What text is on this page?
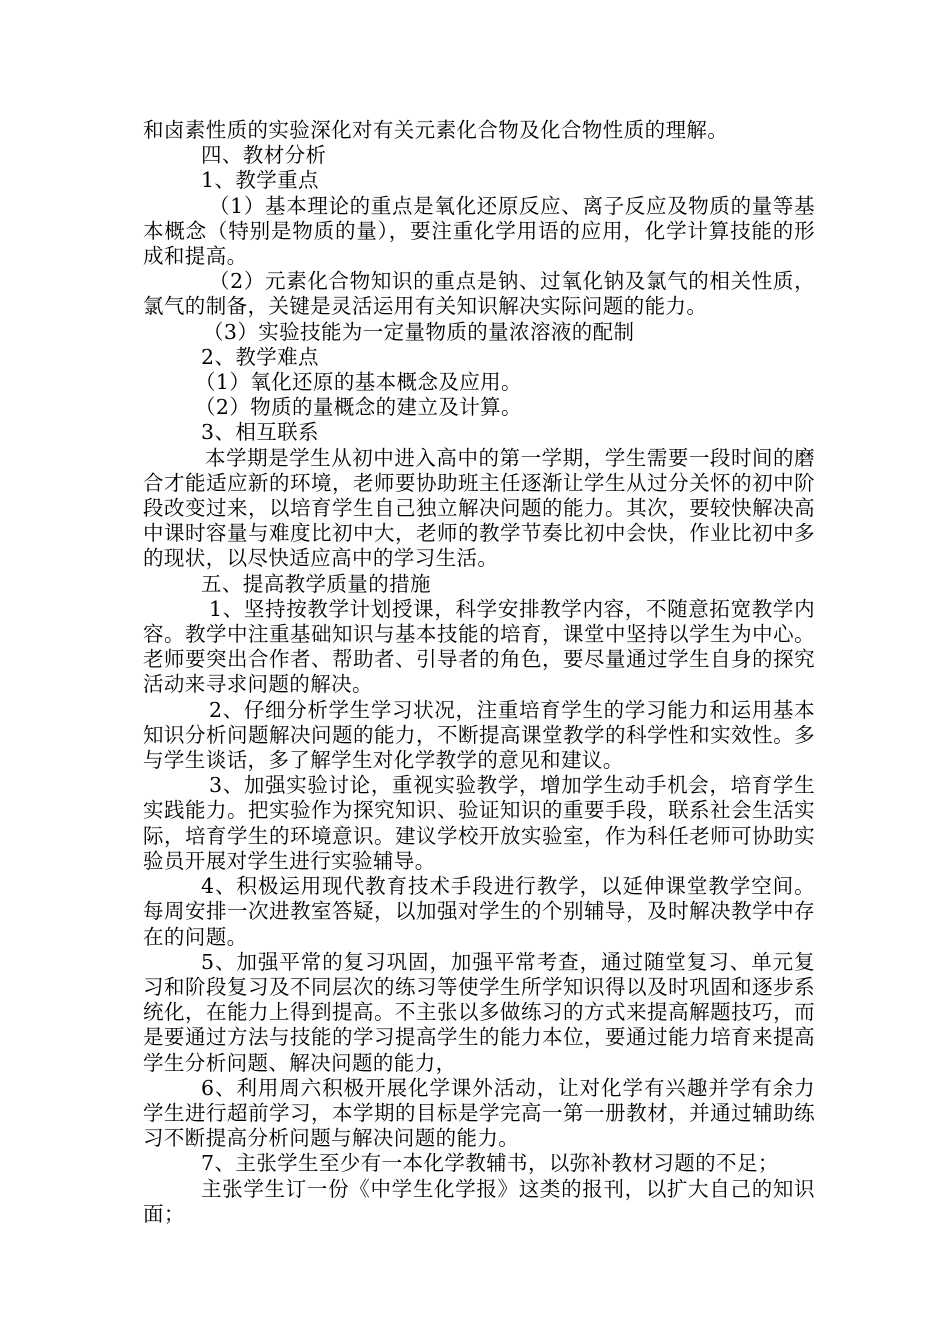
和卤素性质的实验深化对有关元素化合物及化合物性质的理解。

四、教材分析

1、教学重点

（1）基本理论的重点是氧化还原反应、离子反应及物质的量等基本概念（特别是物质的量），要注重化学用语的应用，化学计算技能的形成和提高。

（2）元素化合物知识的重点是钠、过氧化钠及氯气的相关性质，氯气的制备，关键是灵活运用有关知识解决实际问题的能力。

（3）实验技能为一定量物质的量浓溶液的配制

2、教学难点

（1）氧化还原的基本概念及应用。

（2）物质的量概念的建立及计算。

3、相互联系

本学期是学生从初中进入高中的第一学期，学生需要一段时间的磨合才能适应新的环境，老师要协助班主任逐渐让学生从过分关怀的初中阶段改变过来，以培育学生自己独立解决问题的能力。其次，要较快解决高中课时容量与难度比初中大，老师的教学节奏比初中会快，作业比初中多的现状，以尽快适应高中的学习生活。

五、提高教学质量的措施

1、坚持按教学计划授课，科学安排教学内容，不随意拓宽教学内容。教学中注重基础知识与基本技能的培育，课堂中坚持以学生为中心。老师要突出合作者、帮助者、引导者的角色，要尽量通过学生自身的探究活动来寻求问题的解决。

2、仔细分析学生学习状况，注重培育学生的学习能力和运用基本知识分析问题解决问题的能力，不断提高课堂教学的科学性和实效性。多与学生谈话，多了解学生对化学教学的意见和建议。

3、加强实验讨论，重视实验教学，增加学生动手机会，培育学生实践能力。把实验作为探究知识、验证知识的重要手段，联系社会生活实际，培育学生的环境意识。建议学校开放实验室，作为科任老师可协助实验员开展对学生进行实验辅导。

4、积极运用现代教育技术手段进行教学，以延伸课堂教学空间。每周安排一次进教室答疑，以加强对学生的个别辅导，及时解决教学中存在的问题。

5、加强平常的复习巩固，加强平常考查，通过随堂复习、单元复习和阶段复习及不同层次的练习等使学生所学知识得以及时巩固和逐步系统化，在能力上得到提高。不主张以多做练习的方式来提高解题技巧，而是要通过方法与技能的学习提高学生的能力本位，要通过能力培育来提高学生分析问题、解决问题的能力，

6、利用周六积极开展化学课外活动，让对化学有兴趣并学有余力学生进行超前学习，本学期的目标是学完高一第一册教材，并通过辅助练习不断提高分析问题与解决问题的能力。

7、主张学生至少有一本化学教辅书，以弥补教材习题的不足；

主张学生订一份《中学生化学报》这类的报刊，以扩大自己的知识面；
